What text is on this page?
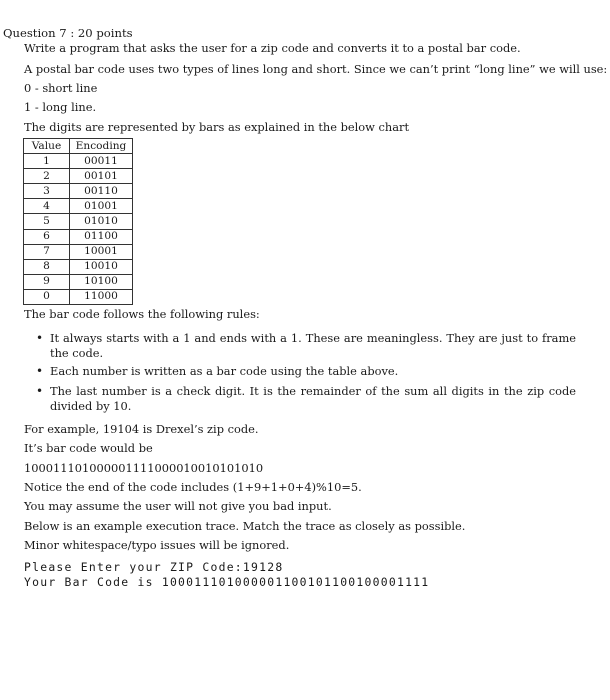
Question 7 : 20 points
Write a program that asks the user for a zip code and converts it to a postal bar code.
A postal bar code uses two types of lines long and short. Since we can’t print “long line” we will use:
0 - short line
1 - long line.
The digits are represented by bars as explained in the below chart
Value	Encoding
1	00011
2	00101
3	00110
4	01001
5	01010
6	01100
7	10001
8	10010
9	10100
0	11000
The bar code follows the following rules:
• It always starts with a 1 and ends with a 1. These are meaningless. They are just to frame the code.
• Each number is written as a bar code using the table above.
• The last number is a check digit. It is the remainder of the sum all digits in the zip code divided by 10.
For example, 19104 is Drexel’s zip code.
It’s bar code would be
100011101000001111000010010101010
Notice the end of the code includes (1+9+1+0+4)%10=5.
You may assume the user will not give you bad input.
Below is an example execution trace. Match the trace as closely as possible.
Minor whitespace/typo issues will be ignored.
Please Enter your ZIP Code:19128
Your Bar Code is 100011101000001100101100100001111
